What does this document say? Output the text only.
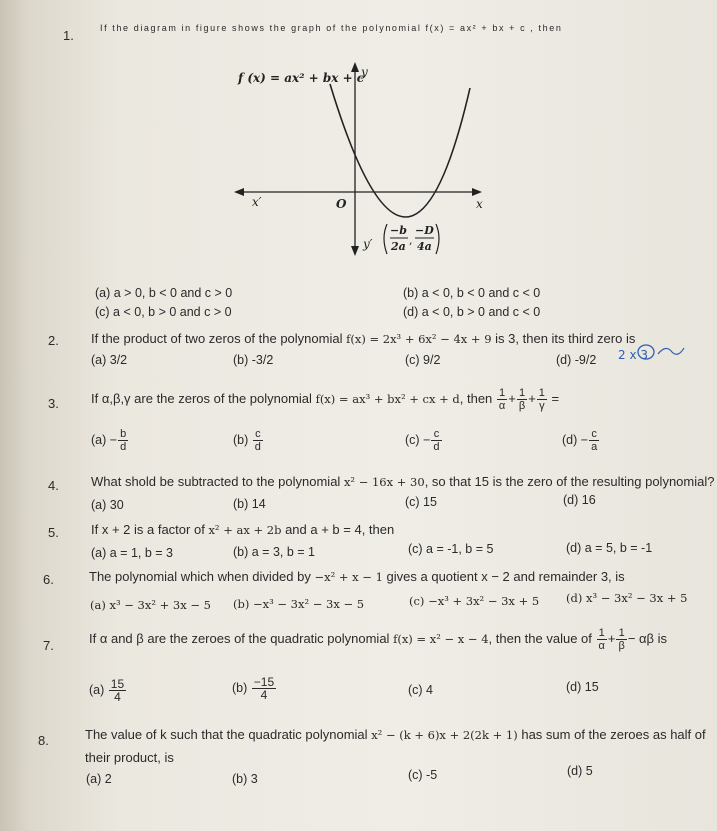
1.	If the diagram in figure shows the graph of the polynomial f(x) = ax² + bx + c , then
f (x) = ax² + bx + c
y
x
x′	O
y′
−b
2a ,
−D
4a
(a) a > 0, b < 0 and c > 0	(b) a < 0, b < 0 and c < 0
(c) a < 0, b > 0 and c > 0	(d) a < 0, b > 0 and c < 0
2. If the product of two zeros of the polynomial f(x) = 2x³ + 6x² − 4x + 9 is 3, then its third zero is
(a) 3/2	(b) -3/2	(c) 9/2	(d) -9/2 2 x 3
3. If α,β,γ are the zeros of the polynomial f(x) = ax³ + bx² + cx + d, then $\frac{1}{\alpha} + \frac{1}{\beta} + \frac{1}{\gamma}$ =
$(a) - \frac{b}{d}$	$(b) \frac{c}{d}$	$(c) - \frac{c}{d}$	$(d) - \frac{c}{a}$
4. What shold be subtracted to the polynomial x² − 16x + 30, so that 15 is the zero of the resulting polynomial?
(a) 30	(b) 14	(c) 15	(d) 16
5. If x + 2 is a factor of x² + ax + 2b and a + b = 4, then
(a) a = 1, b = 3	(b) a = 3, b = 1	(c) a = -1, b = 5	(d) a = 5, b = -1
6.	The polynomial which when divided by −x² + x − 1 gives a quotient x − 2 and remainder 3, is
(a) x³ − 3x² + 3x − 5 (b) −x³ − 3x² − 3x − 5	(c) −x³ + 3x² − 3x + 5 (d) x³ − 3x² − 3x + 5
7.	If α and β are the zeroes of the quadratic polynomial f(x) = x² − x − 4, then the value of $\frac{1}{\alpha} + \frac{1}{\beta} - \alpha\beta$ is
$(a) \frac{15}{4}$	$(b) \frac{-15}{4}$	(c) 4	(d) 15
8.	The value of k such that the quadratic polynomial x² − (k + 6)x + 2(2k + 1) has sum of the zeroes as half of
their product, is
(a) 2	(b) 3	(c) -5	(d) 5
